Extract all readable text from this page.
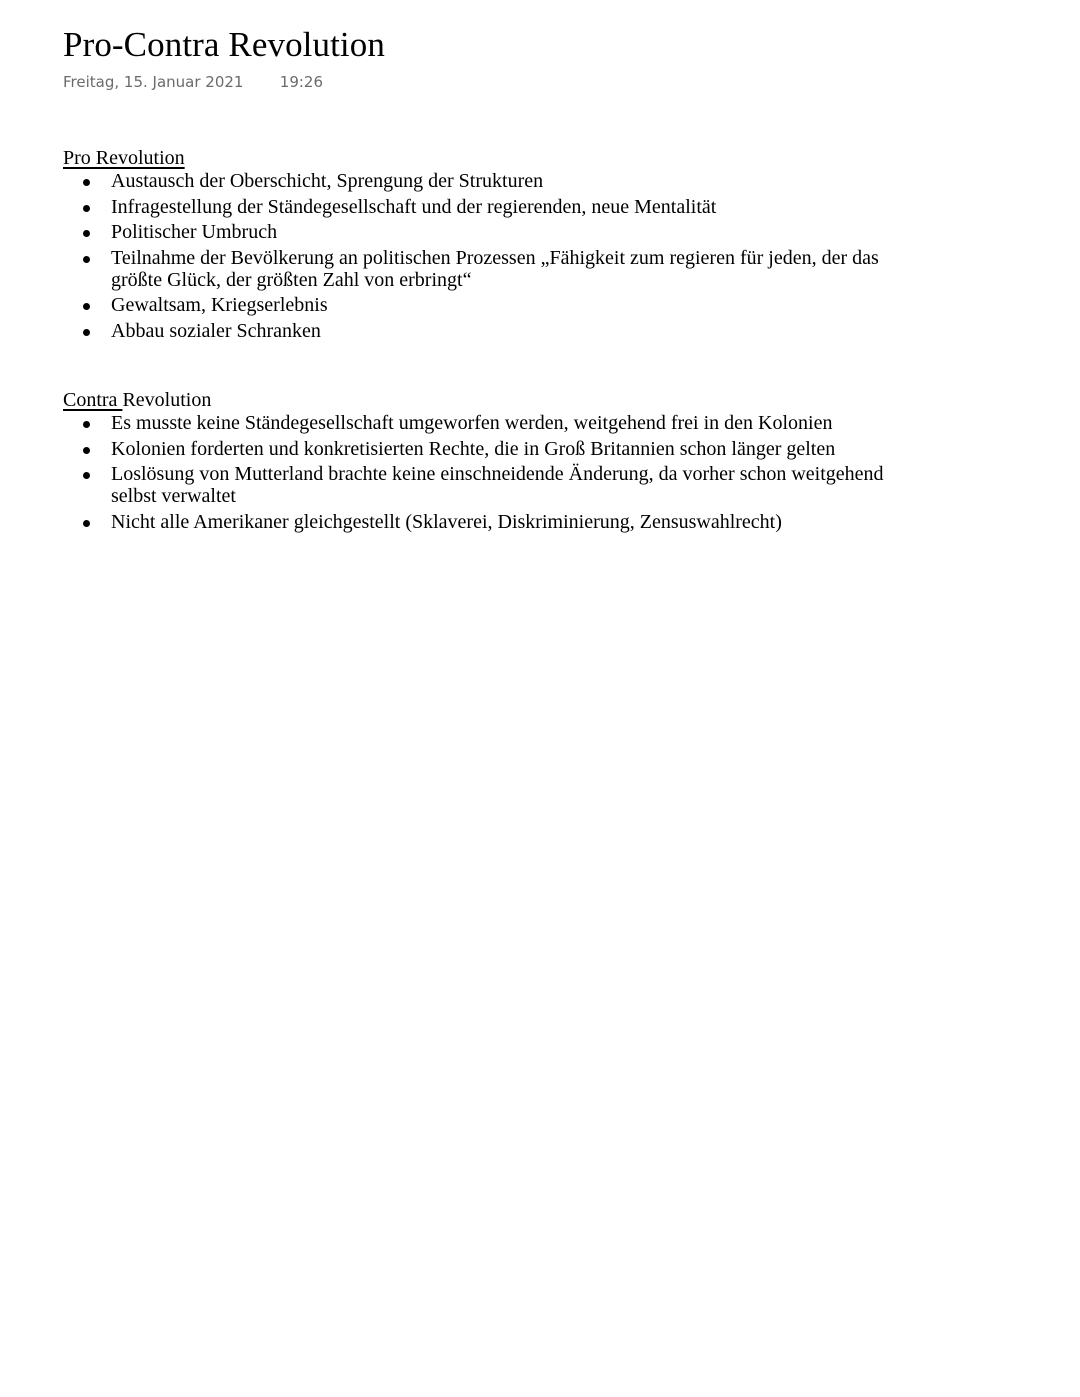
Pro-Contra Revolution
Freitag, 15. Januar 2021 19:26
Pro Revolution
Austausch der Oberschicht, Sprengung der Strukturen
Infragestellung der Ständegesellschaft und der regierenden, neue Mentalität
Politischer Umbruch
Teilnahme der Bevölkerung an politischen Prozessen „Fähigkeit zum regieren für jeden, der das größte Glück, der größten Zahl von erbringt“
Gewaltsam, Kriegserlebnis
Abbau sozialer Schranken
Contra Revolution
Es musste keine Ständegesellschaft umgeworfen werden, weitgehend frei in den Kolonien
Kolonien forderten und konkretisierten Rechte, die in Groß Britannien schon länger gelten
Loslösung von Mutterland brachte keine einschneidende Änderung, da vorher schon weitgehend selbst verwaltet
Nicht alle Amerikaner gleichgestellt (Sklaverei, Diskriminierung, Zensuswahlrecht)
